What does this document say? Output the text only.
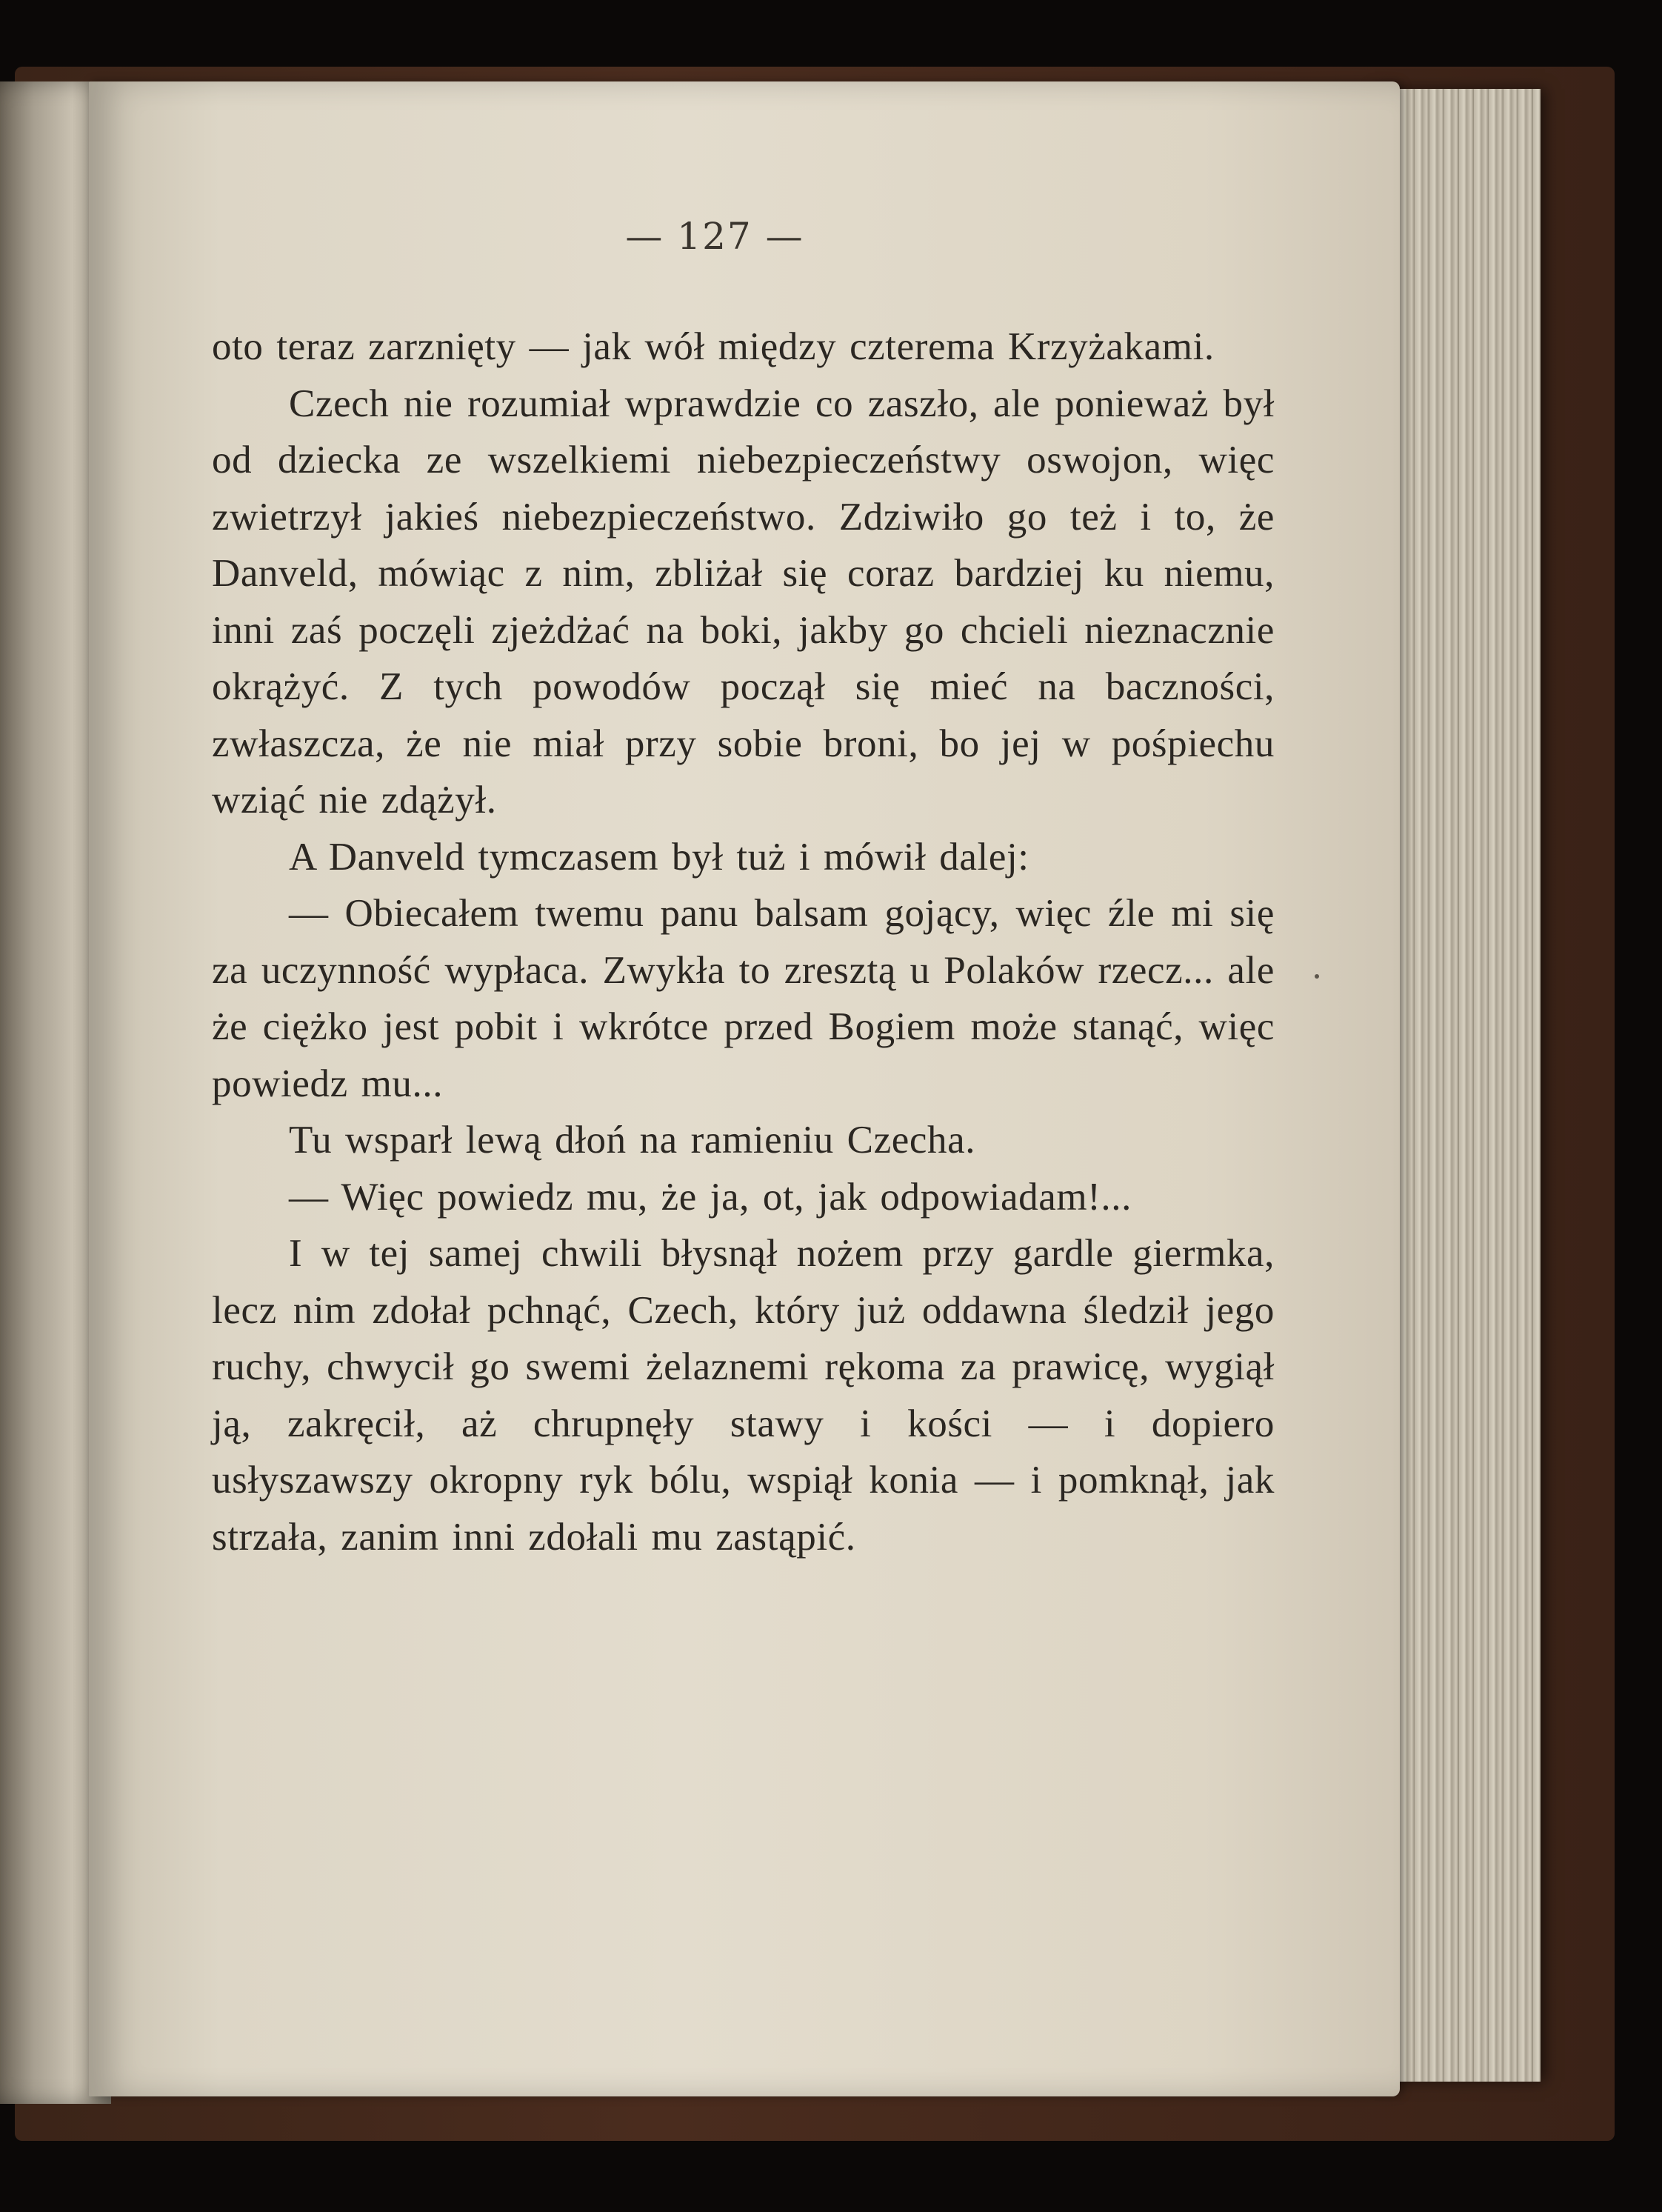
— 127 —

oto teraz zarznięty — jak wół między czterema Krzyżakami.

Czech nie rozumiał wprawdzie co zaszło, ale ponieważ był od dziecka ze wszelkiemi niebezpieczeństwy oswojon, więc zwietrzył jakieś niebezpieczeństwo. Zdziwiło go też i to, że Danveld, mówiąc z nim, zbliżał się coraz bardziej ku niemu, inni zaś poczęli zjeżdżać na boki, jakby go chcieli nieznacznie okrążyć. Z tych powodów począł się mieć na baczności, zwłaszcza, że nie miał przy sobie broni, bo jej w pośpiechu wziąć nie zdążył.

A Danveld tymczasem był tuż i mówił dalej:

— Obiecałem twemu panu balsam gojący, więc źle mi się za uczynność wypłaca. Zwykła to zresztą u Polaków rzecz... ale że ciężko jest pobit i wkrótce przed Bogiem może stanąć, więc powiedz mu...

Tu wsparł lewą dłoń na ramieniu Czecha.

— Więc powiedz mu, że ja, ot, jak odpowiadam!...

I w tej samej chwili błysnął nożem przy gardle giermka, lecz nim zdołał pchnąć, Czech, który już oddawna śledził jego ruchy, chwycił go swemi żelaznemi rękoma za prawicę, wygiął ją, zakręcił, aż chrupnęły stawy i kości — i dopiero usłyszawszy okropny ryk bólu, wspiął konia — i pomknął, jak strzała, zanim inni zdołali mu zastąpić.
